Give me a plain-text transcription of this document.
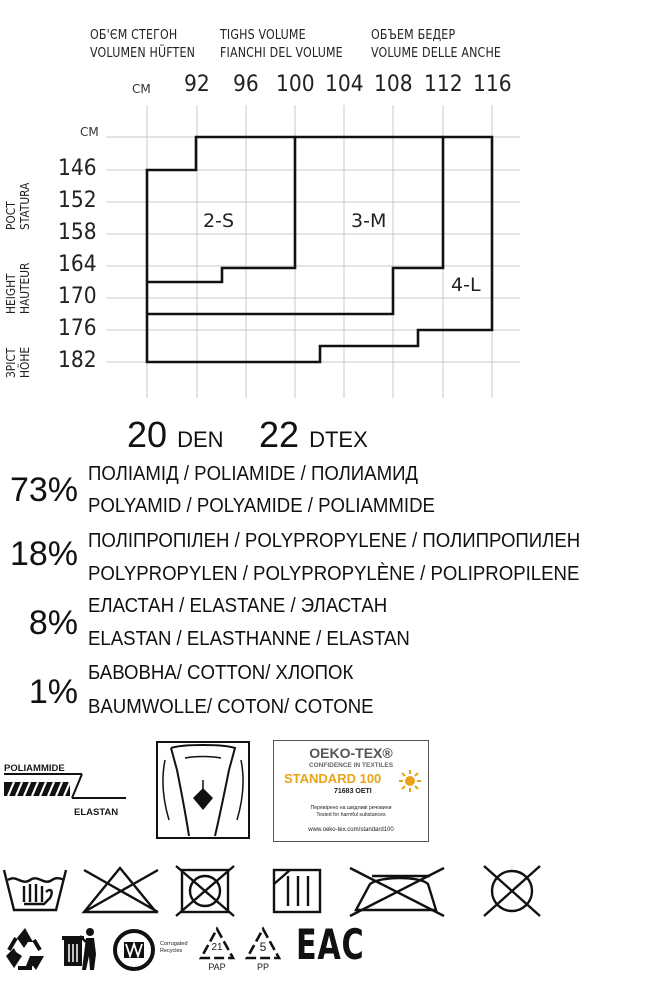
ОБ'ЄМ СТЕГОН
VOLUMEN HÜFTEN
TIGHS VOLUME
FIANCHI DEL VOLUME
ОБЪЕМ БЕДЕР
VOLUME DELLE ANCHE
СМ
СМ
92 96 100 104 108 112 116
146
152
158
164
170
176
182
РОСТ STATURA
HEIGHT HAUTEUR
ЗРІСТ HÖHE
2-S	3-M
4-L
20 DEN 22 DTEX
73% ПОЛІАМІД / POLIAMIDE / ПОЛИАМИД
POLYAMID / POLYAMIDE / POLIAMMIDE
18% ПОЛІПРОПІЛЕН / POLYPROPYLENE / ПОЛИПРОПИЛЕН
POLYPROPYLEN / POLYPROPYLÈNE / POLIPROPILENE
8% ЕЛАСТАН / ELASTANE / ЭЛАСТАН
ELASTAN / ELASTHANNE / ELASTAN
1% БАВОВНА/ COTTON/ ХЛОПОК
BAUMWOLLE/ COTON/ COTONE
POLIAMMIDE
ELASTAN
OEKO-TEX®
CONFIDENCE IN TEXTILES
STANDARD 100
71683 OETI
Перевірено на шкідливі речовини
Tested for harmful substances
www.oeko-tex.com/standard100
Corrugated
Recycles	21
PAP
5
PP EAC
